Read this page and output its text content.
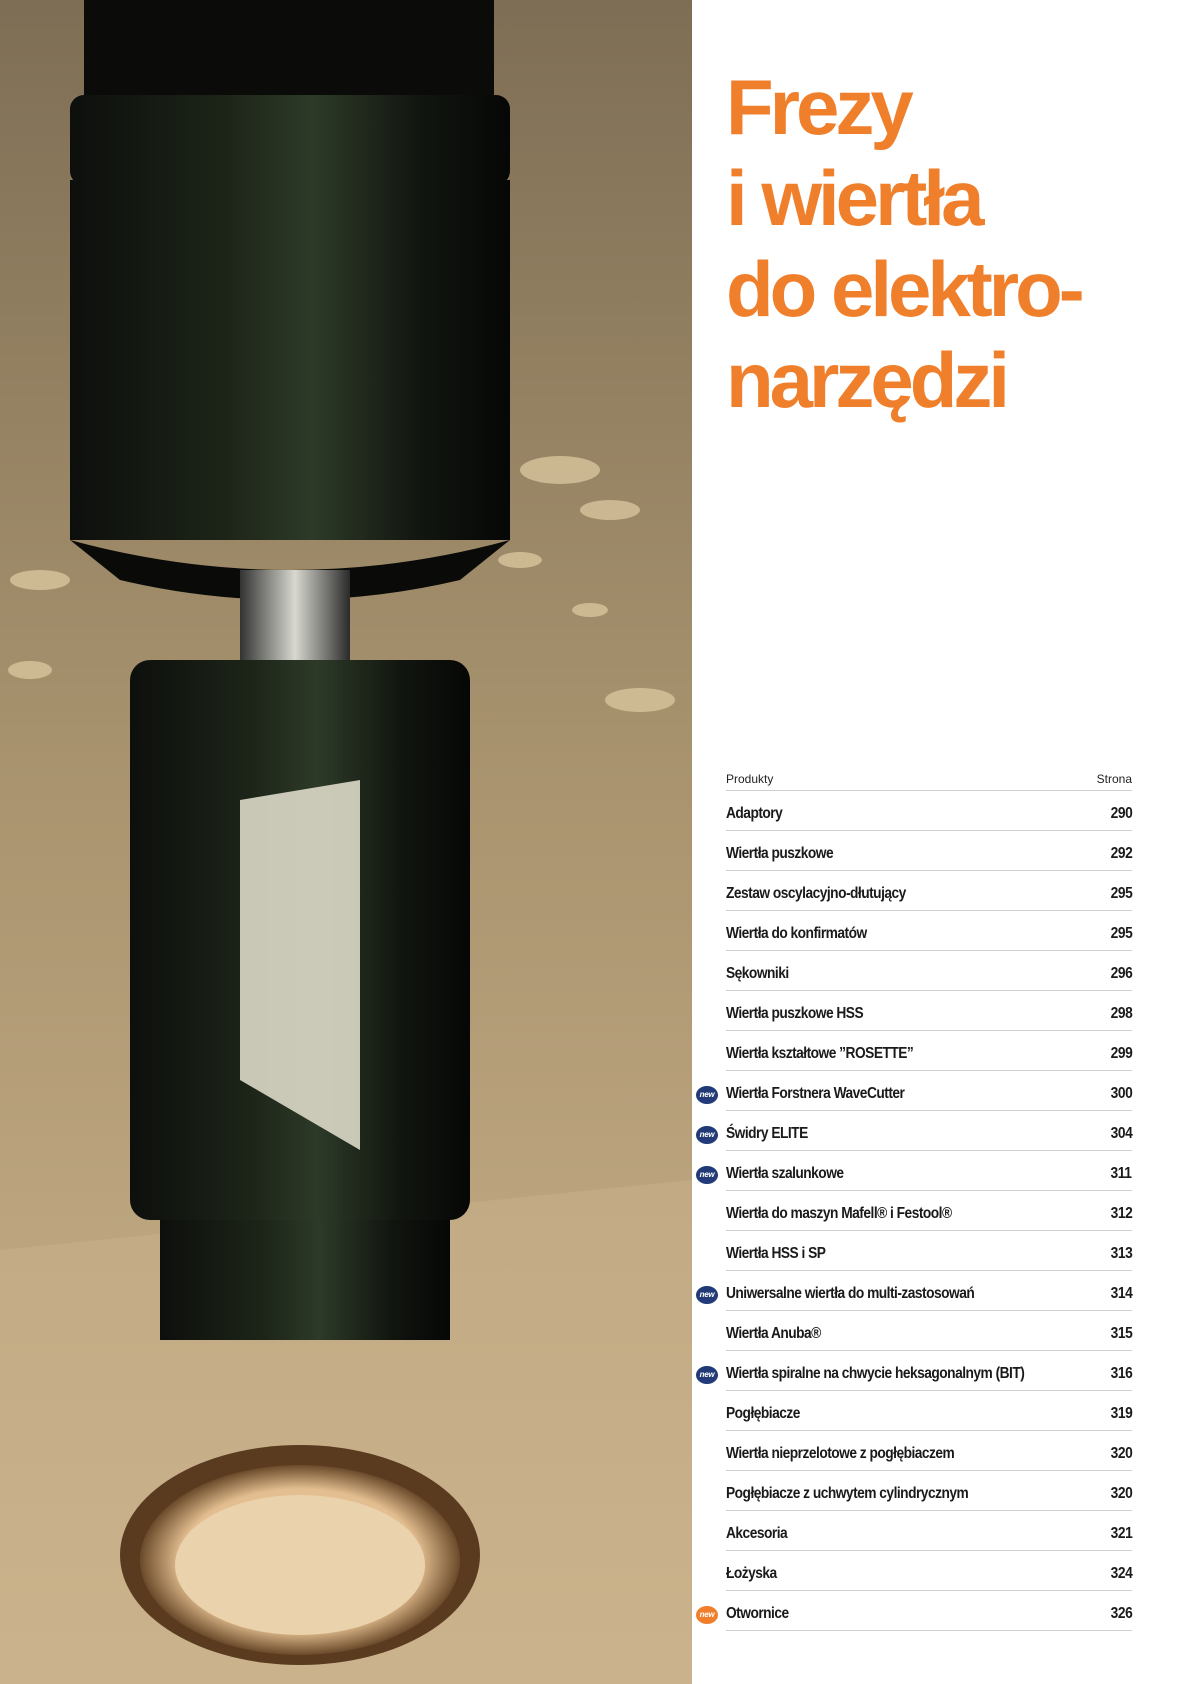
Frezy
i wiertła
do elektro-
narzędzi
Produkty	Strona
Adaptory	290
Wiertła puszkowe	292
Zestaw oscylacyjno-dłutujący	295
Wiertła do konfirmatów	295
Sękowniki	296
Wiertła puszkowe HSS	298
Wiertła kształtowe ”ROSETTE”	299
new Wiertła Forstnera WaveCutter	300
new Świdry ELITE	304
new Wiertła szalunkowe	311
Wiertła do maszyn Mafell® i Festool®	312
Wiertła HSS i SP	313
new Uniwersalne wiertła do multi-zastosowań	314
Wiertła Anuba®	315
new Wiertła spiralne na chwycie heksagonalnym (BIT)	316
Pogłębiacze	319
Wiertła nieprzelotowe z pogłębiaczem	320
Pogłębiacze z uchwytem cylindrycznym	320
Akcesoria	321
Łożyska	324
new Otwornice	326
